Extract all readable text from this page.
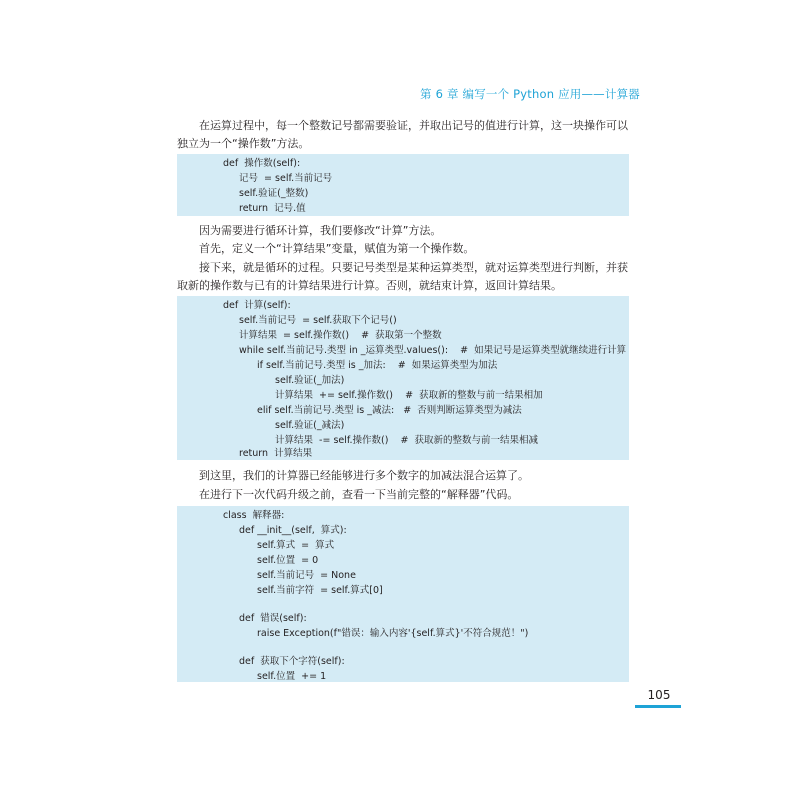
第 6 章 编写一个 Python 应用——计算器

在运算过程中，每一个整数记号都需要验证，并取出记号的值进行计算，这一块操作可以独立为一个“操作数”方法。

def  操作数(self):
记号  = self.当前记号
self.验证(_整数)
return  记号.值

因为需要进行循环计算，我们要修改“计算”方法。

首先，定义一个“计算结果”变量，赋值为第一个操作数。

接下来，就是循环的过程。只要记号类型是某种运算类型，就对运算类型进行判断，并获取新的操作数与已有的计算结果进行计算。否则，就结束计算，返回计算结果。

def  计算(self):
self.当前记号  = self.获取下个记号()
计算结果  = self.操作数()    #  获取第一个整数
while self.当前记号.类型 in _运算类型.values():    #  如果记号是运算类型就继续进行计算
if self.当前记号.类型 is _加法:    #  如果运算类型为加法
self.验证(_加法)
计算结果  += self.操作数()    #  获取新的整数与前一结果相加
elif self.当前记号.类型 is _减法:   #  否则判断运算类型为减法
self.验证(_减法)
计算结果  -= self.操作数()    #  获取新的整数与前一结果相减
return  计算结果

到这里，我们的计算器已经能够进行多个数字的加减法混合运算了。

在进行下一次代码升级之前，查看一下当前完整的“解释器”代码。

class  解释器:
def __init__(self,  算式):
self.算式  =  算式
self.位置  = 0
self.当前记号  = None
self.当前字符  = self.算式[0]
def  错误(self):
raise Exception(f"错误：输入内容'{self.算式}'不符合规范！")
def  获取下个字符(self):
self.位置  += 1
105
